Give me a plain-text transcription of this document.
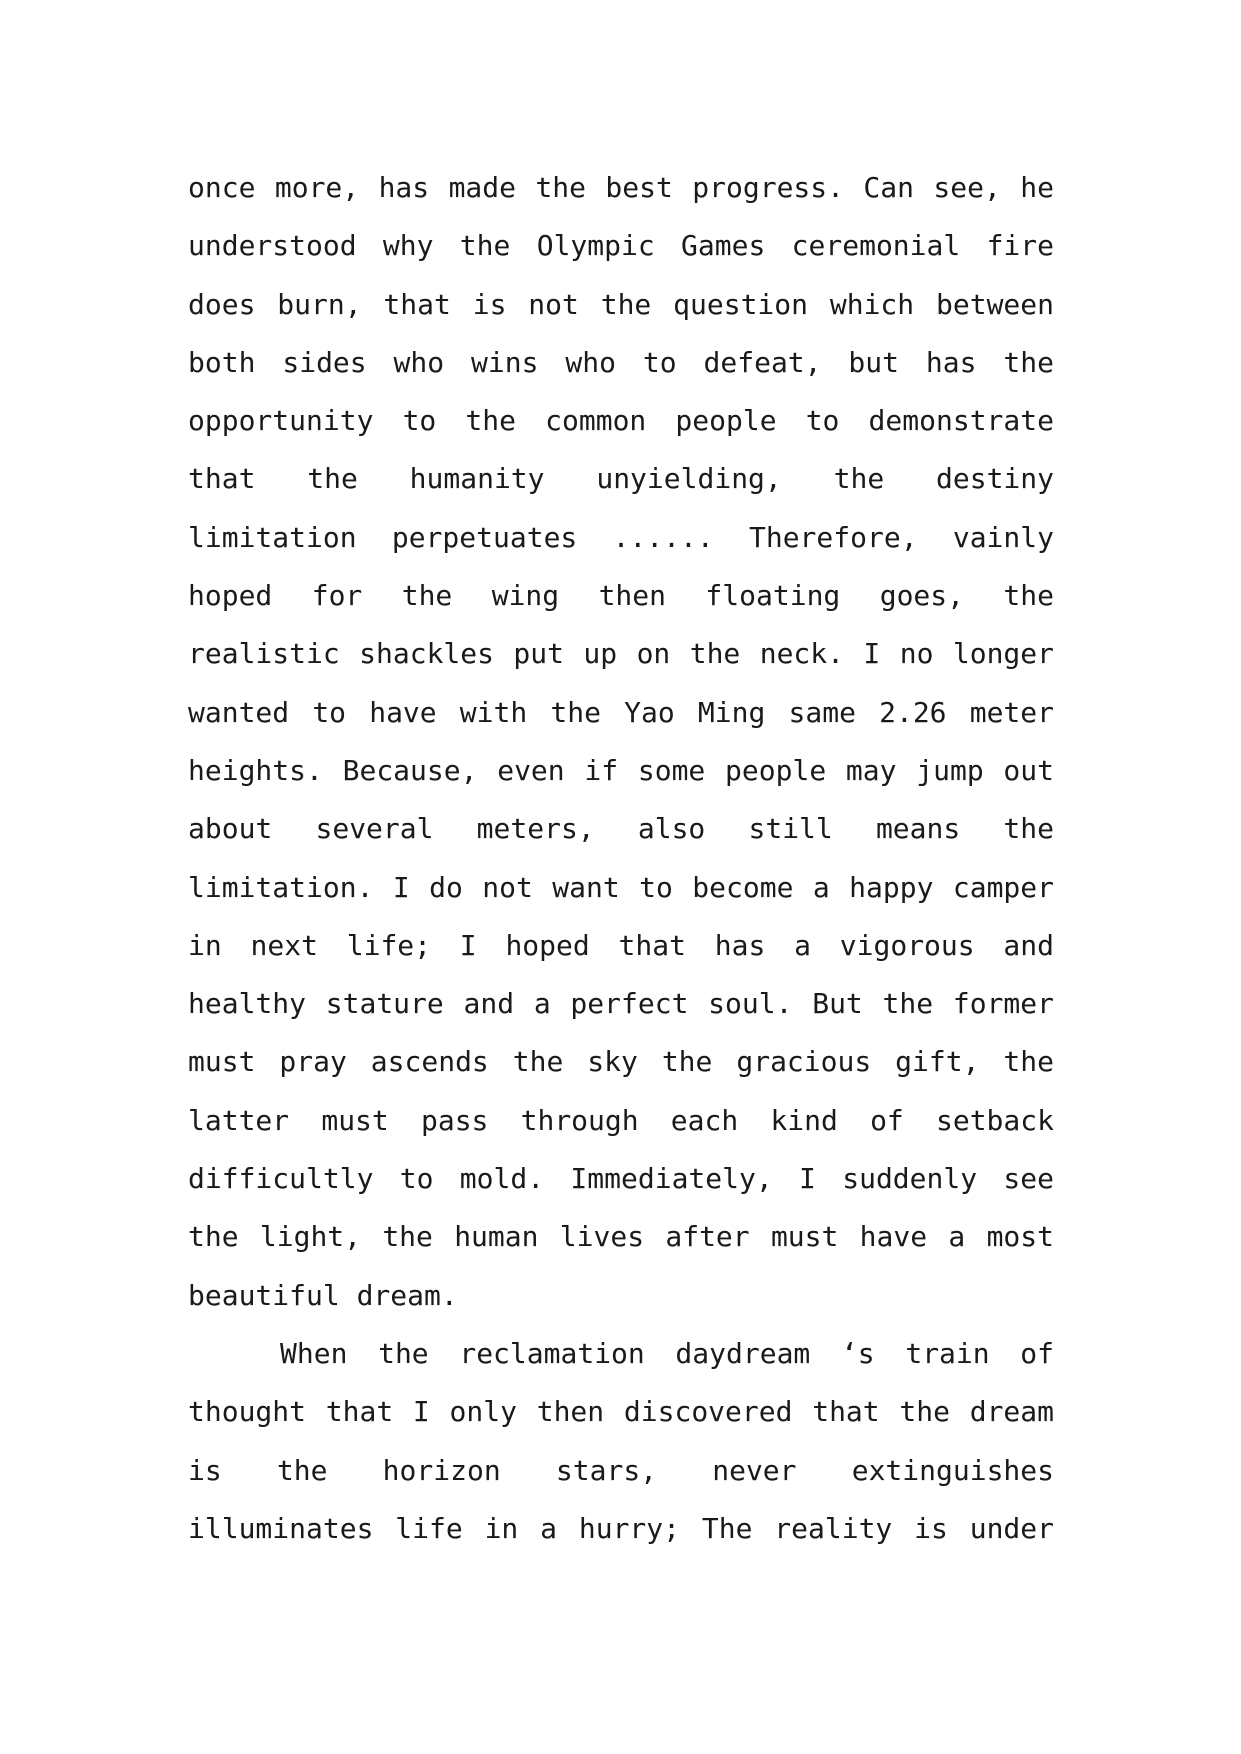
once more, has made the best progress. Can see, he
understood why the Olympic Games ceremonial fire
does burn, that is not the question which between
both sides who wins who to defeat, but has the
opportunity to the common people to demonstrate
that the humanity unyielding, the destiny
limitation perpetuates ...... Therefore, vainly
hoped for the wing then floating goes, the
realistic shackles put up on the neck. I no longer
wanted to have with the Yao Ming same 2.26 meter
heights. Because, even if some people may jump out
about several meters, also still means the
limitation. I do not want to become a happy camper
in next life; I hoped that has a vigorous and
healthy stature and a perfect soul. But the former
must pray ascends the sky the gracious gift, the
latter must pass through each kind of setback
difficultly to mold. Immediately, I suddenly see
the light, the human lives after must have a most
beautiful dream.
When the reclamation daydream ‘s train of
thought that I only then discovered that the dream
is the horizon stars, never extinguishes
illuminates life in a hurry; The reality is under
